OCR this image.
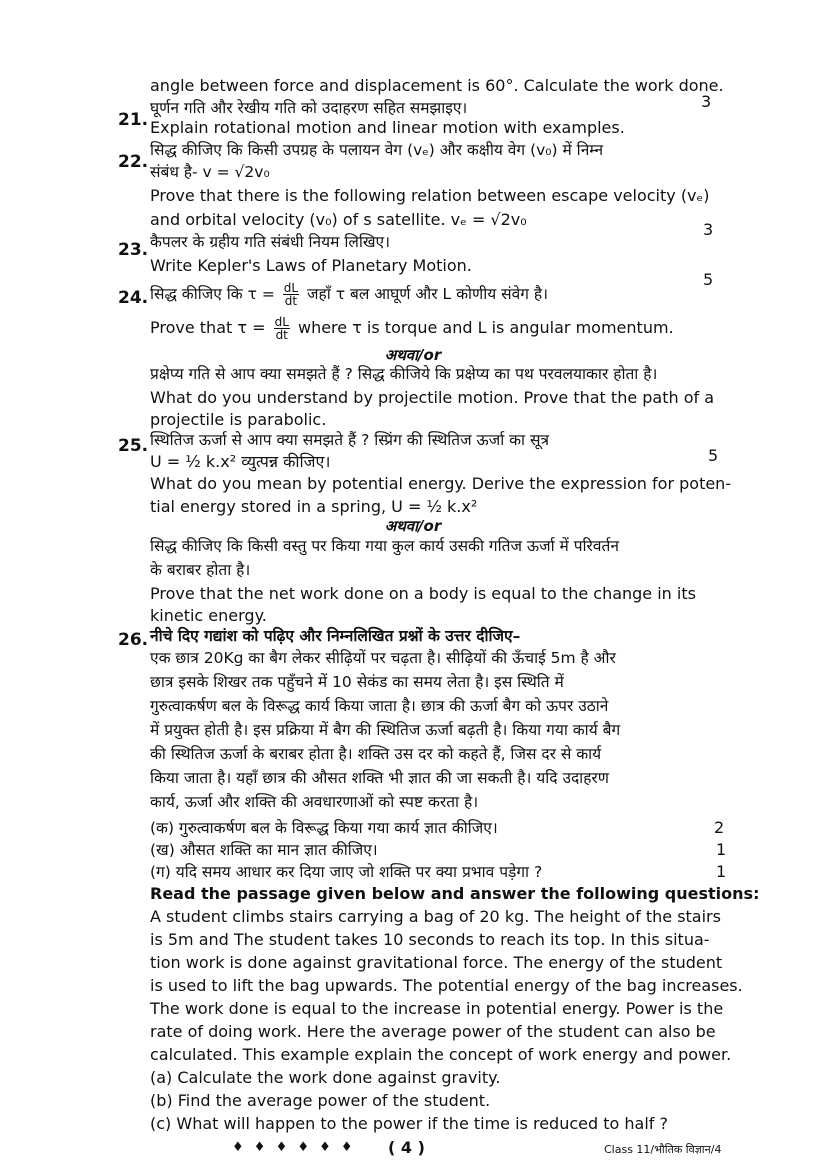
angle between force and displacement is 60°. Calculate the work done.
3
21.
घूर्णन गति और रेखीय गति को उदाहरण सहित समझाइए।
Explain rotational motion and linear motion with examples.
22.
सिद्ध कीजिए कि किसी उपग्रह के पलायन वेग (vₑ) और कक्षीय वेग (v₀) में निम्न
संबंध है- v = √2v₀
Prove that there is the following relation between escape velocity (vₑ)
and orbital velocity (v₀) of s satellite. vₑ = √2v₀
3
23. कैपलर के ग्रहीय गति संबंधी नियम लिखिए।
Write Kepler's Laws of Planetary Motion.
5
24. सिद्ध कीजिए कि $\tau = \frac{dL}{dt}$ जहाँ τ बल आघूर्ण और L कोणीय संवेग है।
Prove that $\tau = \frac{dL}{dt}$ where τ is torque and L is angular momentum.
अथवा/or
प्रक्षेप्य गति से आप क्या समझते हैं ? सिद्ध कीजिये कि प्रक्षेप्य का पथ परवलयाकार होता है।
What do you understand by projectile motion. Prove that the path of a
projectile is parabolic.
25. स्थितिज ऊर्जा से आप क्या समझते हैं ? स्प्रिंग की स्थितिज ऊर्जा का सूत्र
U = ½ k.x² व्युत्पन्न कीजिए।	5
What do you mean by potential energy. Derive the expression for poten-
tial energy stored in a spring, U = ½ k.x²
अथवा/or
सिद्ध कीजिए कि किसी वस्तु पर किया गया कुल कार्य उसकी गतिज ऊर्जा में परिवर्तन
के बराबर होता है।
Prove that the net work done on a body is equal to the change in its
kinetic energy.
26. नीचे दिए गद्यांश को पढ़िए और निम्नलिखित प्रश्नों के उत्तर दीजिए–
एक छात्र 20Kg का बैग लेकर सीढ़ियों पर चढ़ता है। सीढ़ियों की ऊँचाई 5m है और
छात्र इसके शिखर तक पहुँचने में 10 सेकंड का समय लेता है। इस स्थिति में
गुरुत्वाकर्षण बल के विरूद्ध कार्य किया जाता है। छात्र की ऊर्जा बैग को ऊपर उठाने
में प्रयुक्त होती है। इस प्रक्रिया में बैग की स्थितिज ऊर्जा बढ़ती है। किया गया कार्य बैग
की स्थितिज ऊर्जा के बराबर होता है। शक्ति उस दर को कहते हैं, जिस दर से कार्य
किया जाता है। यहाँ छात्र की औसत शक्ति भी ज्ञात की जा सकती है। यदि उदाहरण
कार्य, ऊर्जा और शक्ति की अवधारणाओं को स्पष्ट करता है।
(क) गुरुत्वाकर्षण बल के विरूद्ध किया गया कार्य ज्ञात कीजिए।	2
(ख) औसत शक्ति का मान ज्ञात कीजिए।	1
(ग) यदि समय आधार कर दिया जाए जो शक्ति पर क्या प्रभाव पड़ेगा ?	1
Read the passage given below and answer the following questions:
A student climbs stairs carrying a bag of 20 kg. The height of the stairs
is 5m and The student takes 10 seconds to reach its top. In this situa-
tion work is done against gravitational force. The energy of the student
is used to lift the bag upwards. The potential energy of the bag increases.
The work done is equal to the increase in potential energy. Power is the
rate of doing work. Here the average power of the student can also be
calculated. This example explain the concept of work energy and power.
(a) Calculate the work done against gravity.
(b) Find the average power of the student.
(c) What will happen to the power if the time is reduced to half ?
♦ ♦ ♦ ♦ ♦ ♦ ( 4 )	Class 11/भौतिक विज्ञान/4
